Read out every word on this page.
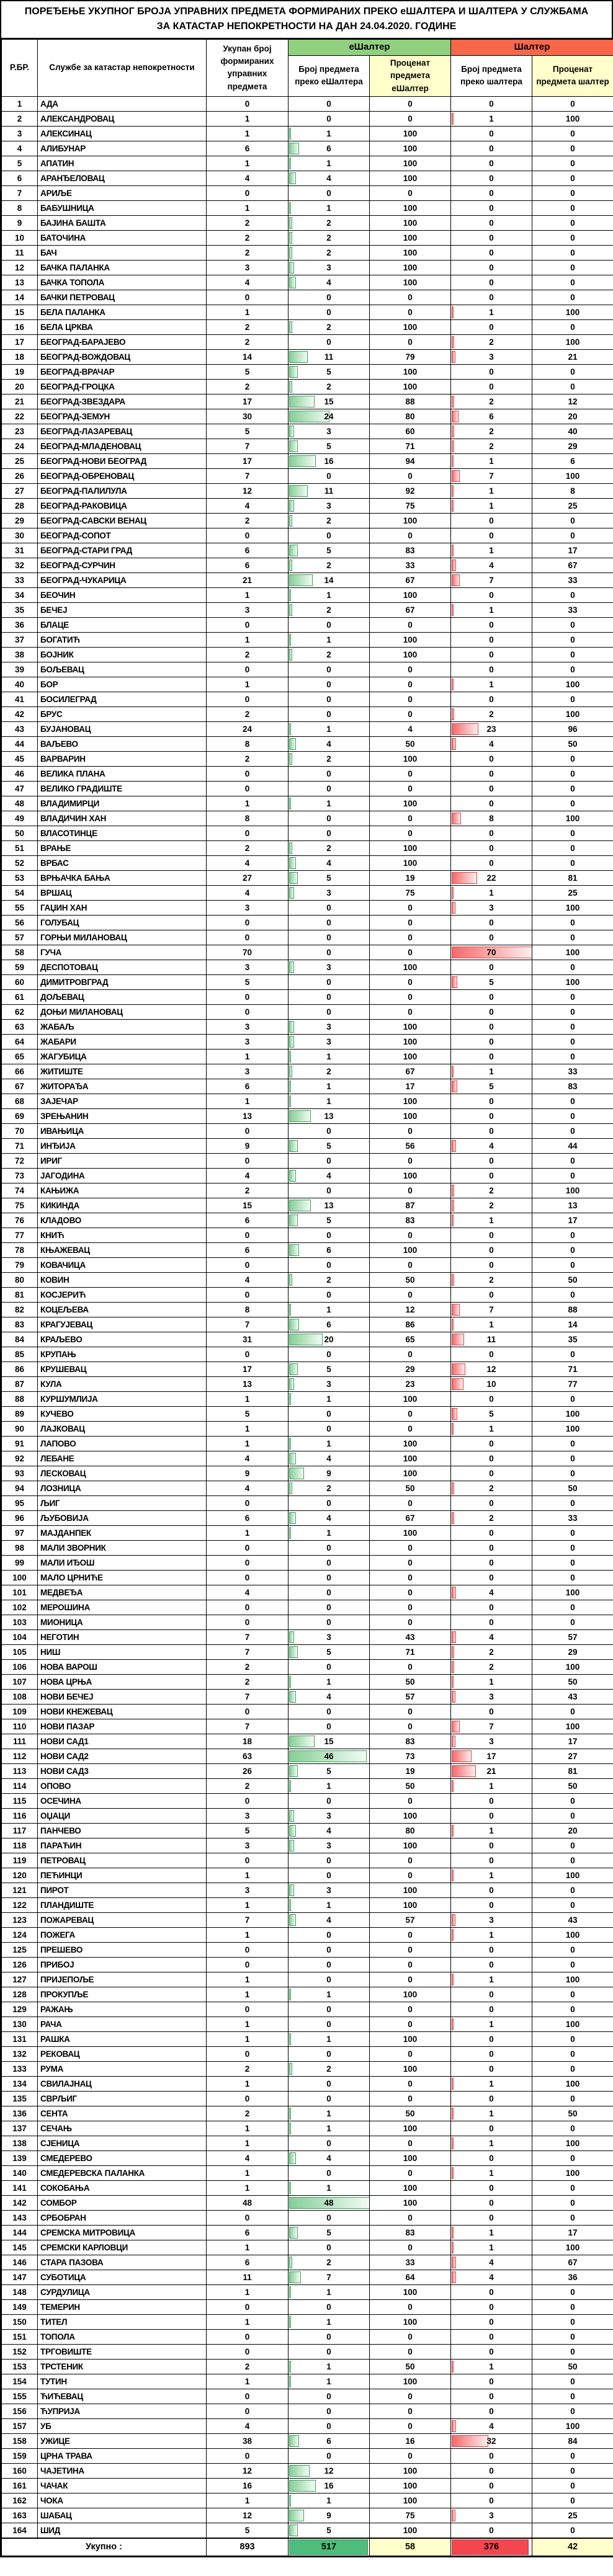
ПОРЕЂЕЊЕ УКУПНОГ БРОЈА УПРАВНИХ ПРЕДМЕТА ФОРМИРАНИХ ПРЕКО еШАЛТЕРА И ШАЛТЕРА У СЛУЖБАМА ЗА КАТАСТАР НЕПОКРЕТНОСТИ НА ДАН 24.04.2020. ГОДИНЕ
Р.БР.	Службе за катастар непокретности	Укупан број формираних управних предмета	еШалтер		Шалтер	
			Број предмета преко еШалтера	Проценат предмета еШалтер	Број предмета преко шалтера	Проценат предмета шалтер
1	АДА	0	0	0	0	0
2	АЛЕКСАНДРОВАЦ	1	0	0	1	100
3	АЛЕКСИНАЦ	1	1	100	0	0
4	АЛИБУНАР	6	6	100	0	0
5	АПАТИН	1	1	100	0	0
6	АРАНЂЕЛОВАЦ	4	4	100	0	0
7	АРИЉЕ	0	0	0	0	0
8	БАБУШНИЦА	1	1	100	0	0
9	БАЈИНА БАШТА	2	2	100	0	0
10	БАТОЧИНА	2	2	100	0	0
11	БАЧ	2	2	100	0	0
12	БАЧКА ПАЛАНКА	3	3	100	0	0
13	БАЧКА ТОПОЛА	4	4	100	0	0
14	БАЧКИ ПЕТРОВАЦ	0	0	0	0	0
15	БЕЛА ПАЛАНКА	1	0	0	1	100
16	БЕЛА ЦРКВА	2	2	100	0	0
17	БЕОГРАД-БАРАЈЕВО	2	0	0	2	100
18	БЕОГРАД-ВОЖДОВАЦ	14	11	79	3	21
19	БЕОГРАД-ВРАЧАР	5	5	100	0	0
20	БЕОГРАД-ГРОЦКА	2	2	100	0	0
21	БЕОГРАД-ЗВЕЗДАРА	17	15	88	2	12
22	БЕОГРАД-ЗЕМУН	30	24	80	6	20
23	БЕОГРАД-ЛАЗАРЕВАЦ	5	3	60	2	40
24	БЕОГРАД-МЛАДЕНОВАЦ	7	5	71	2	29
25	БЕОГРАД-НОВИ БЕОГРАД	17	16	94	1	6
26	БЕОГРАД-ОБРЕНОВАЦ	7	0	0	7	100
27	БЕОГРАД-ПАЛИЛУЛА	12	11	92	1	8
28	БЕОГРАД-РАКОВИЦА	4	3	75	1	25
29	БЕОГРАД-САВСКИ ВЕНАЦ	2	2	100	0	0
30	БЕОГРАД-СОПОТ	0	0	0	0	0
31	БЕОГРАД-СТАРИ ГРАД	6	5	83	1	17
32	БЕОГРАД-СУРЧИН	6	2	33	4	67
33	БЕОГРАД-ЧУКАРИЦА	21	14	67	7	33
34	БЕОЧИН	1	1	100	0	0
35	БЕЧЕЈ	3	2	67	1	33
36	БЛАЦЕ	0	0	0	0	0
37	БОГАТИЋ	1	1	100	0	0
38	БОЈНИК	2	2	100	0	0
39	БОЉЕВАЦ	0	0	0	0	0
40	БОР	1	0	0	1	100
41	БОСИЛЕГРАД	0	0	0	0	0
42	БРУС	2	0	0	2	100
43	БУЈАНОВАЦ	24	1	4	23	96
44	ВАЉЕВО	8	4	50	4	50
45	ВАРВАРИН	2	2	100	0	0
46	ВЕЛИКА ПЛАНА	0	0	0	0	0
47	ВЕЛИКО ГРАДИШТЕ	0	0	0	0	0
48	ВЛАДИМИРЦИ	1	1	100	0	0
49	ВЛАДИЧИН ХАН	8	0	0	8	100
50	ВЛАСОТИНЦЕ	0	0	0	0	0
51	ВРАЊЕ	2	2	100	0	0
52	ВРБАС	4	4	100	0	0
53	ВРЊАЧКА БАЊА	27	5	19	22	81
54	ВРШАЦ	4	3	75	1	25
55	ГАЏИН ХАН	3	0	0	3	100
56	ГОЛУБАЦ	0	0	0	0	0
57	ГОРЊИ МИЛАНОВАЦ	0	0	0	0	0
58	ГУЧА	70	0	0	70	100
59	ДЕСПОТОВАЦ	3	3	100	0	0
60	ДИМИТРОВГРАД	5	0	0	5	100
61	ДОЉЕВАЦ	0	0	0	0	0
62	ДОЊИ МИЛАНОВАЦ	0	0	0	0	0
63	ЖАБАЉ	3	3	100	0	0
64	ЖАБАРИ	3	3	100	0	0
65	ЖАГУБИЦА	1	1	100	0	0
66	ЖИТИШТЕ	3	2	67	1	33
67	ЖИТОРАЂА	6	1	17	5	83
68	ЗАЈЕЧАР	1	1	100	0	0
69	ЗРЕЊАНИН	13	13	100	0	0
70	ИВАЊИЦА	0	0	0	0	0
71	ИНЂИЈА	9	5	56	4	44
72	ИРИГ	0	0	0	0	0
73	ЈАГОДИНА	4	4	100	0	0
74	КАЊИЖА	2	0	0	2	100
75	КИКИНДА	15	13	87	2	13
76	КЛАДОВО	6	5	83	1	17
77	КНИЋ	0	0	0	0	0
78	КЊАЖЕВАЦ	6	6	100	0	0
79	КОВАЧИЦА	0	0	0	0	0
80	КОВИН	4	2	50	2	50
81	КОСЈЕРИЋ	0	0	0	0	0
82	КОЦЕЉЕВА	8	1	12	7	88
83	КРАГУЈЕВАЦ	7	6	86	1	14
84	КРАЉЕВО	31	20	65	11	35
85	КРУПАЊ	0	0	0	0	0
86	КРУШЕВАЦ	17	5	29	12	71
87	КУЛА	13	3	23	10	77
88	КУРШУМЛИЈА	1	1	100	0	0
89	КУЧЕВО	5	0	0	5	100
90	ЛАЈКОВАЦ	1	0	0	1	100
91	ЛАПОВО	1	1	100	0	0
92	ЛЕБАНЕ	4	4	100	0	0
93	ЛЕСКОВАЦ	9	9	100	0	0
94	ЛОЗНИЦА	4	2	50	2	50
95	ЉИГ	0	0	0	0	0
96	ЉУБОВИЈА	6	4	67	2	33
97	МАЈДАНПЕК	1	1	100	0	0
98	МАЛИ ЗВОРНИК	0	0	0	0	0
99	МАЛИ ИЂОШ	0	0	0	0	0
100	МАЛО ЦРНИЋЕ	0	0	0	0	0
101	МЕДВЕЂА	4	0	0	4	100
102	МЕРОШИНА	0	0	0	0	0
103	МИОНИЦА	0	0	0	0	0
104	НЕГОТИН	7	3	43	4	57
105	НИШ	7	5	71	2	29
106	НОВА ВАРОШ	2	0	0	2	100
107	НОВА ЦРЊА	2	1	50	1	50
108	НОВИ БЕЧЕЈ	7	4	57	3	43
109	НОВИ КНЕЖЕВАЦ	0	0	0	0	0
110	НОВИ ПАЗАР	7	0	0	7	100
111	НОВИ САД1	18	15	83	3	17
112	НОВИ САД2	63	46	73	17	27
113	НОВИ САД3	26	5	19	21	81
114	ОПОВО	2	1	50	1	50
115	ОСЕЧИНА	0	0	0	0	0
116	ОЏАЦИ	3	3	100	0	0
117	ПАНЧЕВО	5	4	80	1	20
118	ПАРАЋИН	3	3	100	0	0
119	ПЕТРОВАЦ	0	0	0	0	0
120	ПЕЋИНЦИ	1	0	0	1	100
121	ПИРОТ	3	3	100	0	0
122	ПЛАНДИШТЕ	1	1	100	0	0
123	ПОЖАРЕВАЦ	7	4	57	3	43
124	ПОЖЕГА	1	0	0	1	100
125	ПРЕШЕВО	0	0	0	0	0
126	ПРИБОЈ	0	0	0	0	0
127	ПРИЈЕПОЉЕ	1	0	0	1	100
128	ПРОКУПЉЕ	1	1	100	0	0
129	РАЖАЊ	0	0	0	0	0
130	РАЧА	1	0	0	1	100
131	РАШКА	1	1	100	0	0
132	РЕКОВАЦ	0	0	0	0	0
133	РУМА	2	2	100	0	0
134	СВИЛАЈНАЦ	1	0	0	1	100
135	СВРЉИГ	0	0	0	0	0
136	СЕНТА	2	1	50	1	50
137	СЕЧАЊ	1	1	100	0	0
138	СЈЕНИЦА	1	0	0	1	100
139	СМЕДЕРЕВО	4	4	100	0	0
140	СМЕДЕРЕВСКА ПАЛАНКА	1	0	0	1	100
141	СОКОБАЊА	1	1	100	0	0
142	СОМБОР	48	48	100	0	0
143	СРБОБРАН	0	0	0	0	0
144	СРЕМСКА МИТРОВИЦА	6	5	83	1	17
145	СРЕМСКИ КАРЛОВЦИ	1	0	0	1	100
146	СТАРА ПАЗОВА	6	2	33	4	67
147	СУБОТИЦА	11	7	64	4	36
148	СУРДУЛИЦА	1	1	100	0	0
149	ТЕМЕРИН	0	0	0	0	0
150	ТИТЕЛ	1	1	100	0	0
151	ТОПОЛА	0	0	0	0	0
152	ТРГОВИШТЕ	0	0	0	0	0
153	ТРСТЕНИК	2	1	50	1	50
154	ТУТИН	1	1	100	0	0
155	ЋИЋЕВАЦ	0	0	0	0	0
156	ЋУПРИЈА	0	0	0	0	0
157	УБ	4	0	0	4	100
158	УЖИЦЕ	38	6	16	32	84
159	ЦРНА ТРАВА	0	0	0	0	0
160	ЧАЈЕТИНА	12	12	100	0	0
161	ЧАЧАК	16	16	100	0	0
162	ЧОКА	1	1	100	0	0
163	ШАБАЦ	12	9	75	3	25
164	ШИД	5	5	100	0	0
Укупно :		893	517	58	376	42
